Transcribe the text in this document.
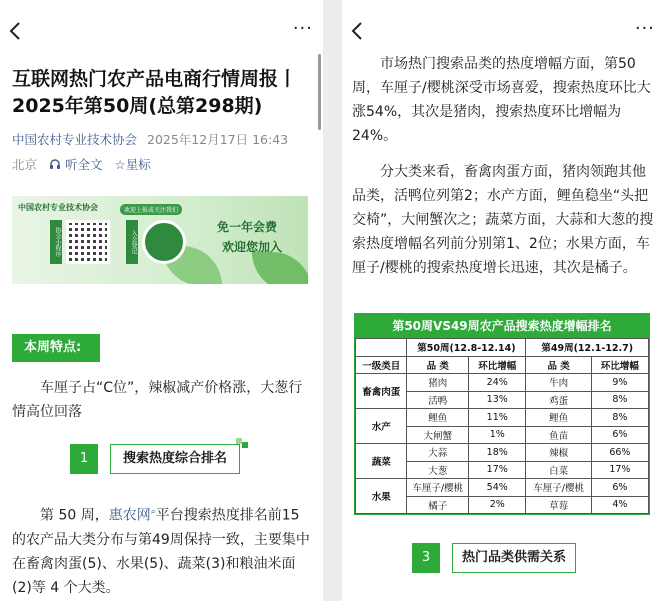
···
互联网热门农产品电商行情周报丨 2025年第50周(总第298期)
中国农村专业技术协会 2025年12月17日 16:43
北京 听全文 ☆星标
中国农村专业技术协会	欢迎上报或关注我们
协会小程序	入会登记
免一年会费
欢迎您加入
本周特点:
车厘子占“C位”，辣椒减产价格涨，大葱行情高位回落
1	搜索热度综合排名
第 50 周，惠农网⌕平台搜索热度排名前15的农产品大类分布与第49周保持一致，主要集中在畜禽肉蛋(5)、水果(5)、蔬菜(3)和粮油米面(2)等 4 个大类。
···
市场热门搜索品类的热度增幅方面，第50周，车厘子/樱桃深受市场喜爱，搜索热度环比大涨54%，其次是猪肉，搜索热度环比增幅为24%。
分大类来看，畜禽肉蛋方面，猪肉领跑其他品类，活鸭位列第2；水产方面，鲤鱼稳坐“头把交椅”，大闸蟹次之；蔬菜方面，大蒜和大葱的搜索热度增幅名列前分别第1、2位；水果方面，车厘子/樱桃的搜索热度增长迅速，其次是橘子。
第50周VS49周农产品搜索热度增幅排名
	第50周(12.8-12.14)		第49周(12.1-12.7)	
一级类目	品 类	环比增幅	品 类	环比增幅
畜禽肉蛋	猪肉	24%	牛肉	9%
	活鸭	13%	鸡蛋	8%
水产	鲤鱼	11%	鲤鱼	8%
	大闸蟹	1%	鱼苗	6%
蔬菜	大蒜	18%	辣椒	66%
	大葱	17%	白菜	17%
水果	车厘子/樱桃	54%	车厘子/樱桃	6%
	橘子	2%	草莓	4%
3	热门品类供需关系
